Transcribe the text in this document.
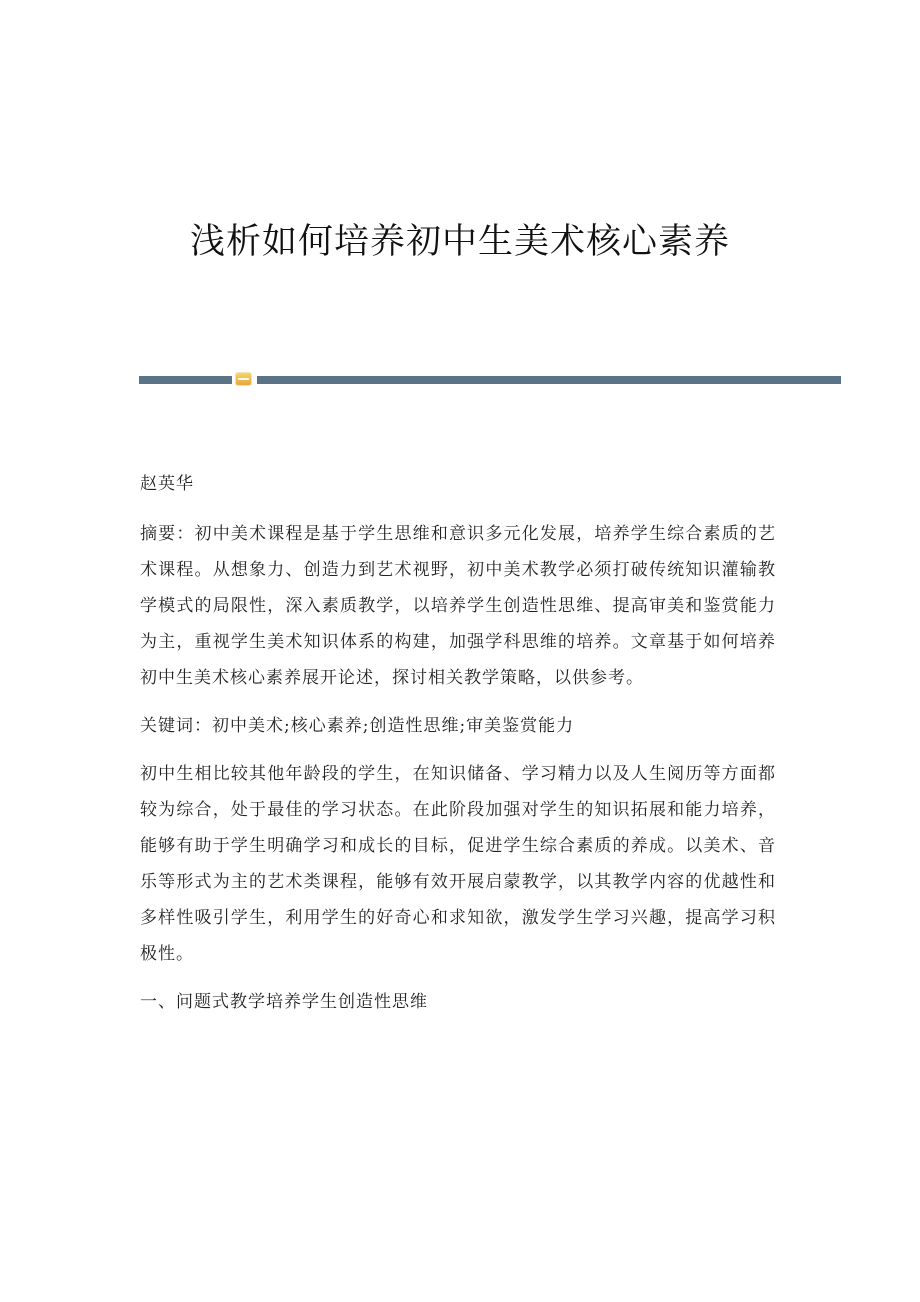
浅析如何培养初中生美术核心素养

赵英华

摘要：初中美术课程是基于学生思维和意识多元化发展，培养学生综合素质的艺术课程。从想象力、创造力到艺术视野，初中美术教学必须打破传统知识灌输教学模式的局限性，深入素质教学，以培养学生创造性思维、提高审美和鉴赏能力为主，重视学生美术知识体系的构建，加强学科思维的培养。文章基于如何培养初中生美术核心素养展开论述，探讨相关教学策略，以供参考。

关键词：初中美术;核心素养;创造性思维;审美鉴赏能力

初中生相比较其他年龄段的学生，在知识储备、学习精力以及人生阅历等方面都较为综合，处于最佳的学习状态。在此阶段加强对学生的知识拓展和能力培养，能够有助于学生明确学习和成长的目标，促进学生综合素质的养成。以美术、音乐等形式为主的艺术类课程，能够有效开展启蒙教学，以其教学内容的优越性和多样性吸引学生，利用学生的好奇心和求知欲，激发学生学习兴趣，提高学习积极性。

一、问题式教学培养学生创造性思维
